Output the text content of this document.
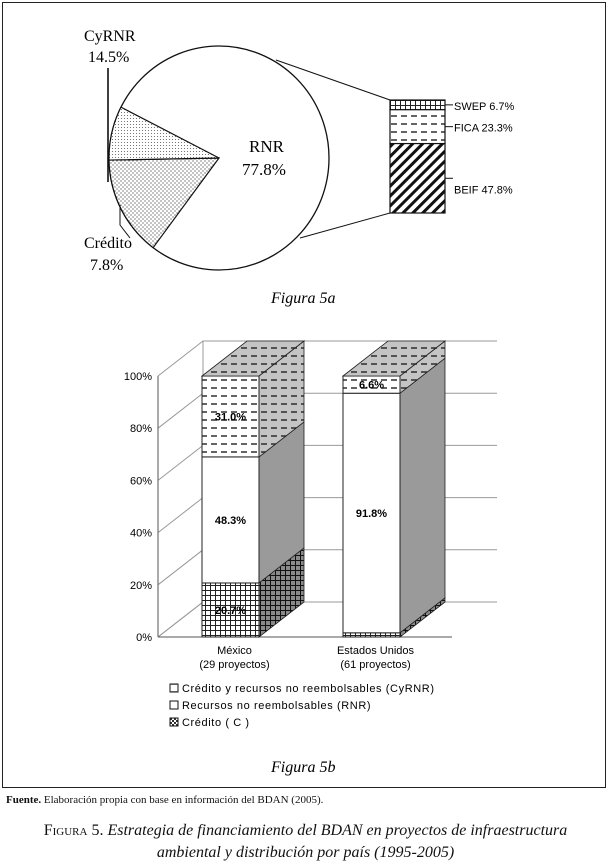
CyRNR
14.5%
RNR
77.8%
Crédito
7.8%
SWEP 6.7%
FICA 23.3%
BEIF 47.8%
Figura 5a
0%
20%
40%
60%
80%
100%
20.7%
48.3%
31.0%
México
(29 proyectos)
91.8%
6.6%
Estados Unidos
(61 proyectos)
Crédito y recursos no reembolsables (CyRNR)
Recursos no reembolsables (RNR)
Crédito ( C )
Figura 5b
Fuente. Elaboración propia con base en información del BDAN (2005).
Figura 5. Estrategia de financiamiento del BDAN en proyectos de infraestructura
ambiental y distribución por país (1995-2005)
